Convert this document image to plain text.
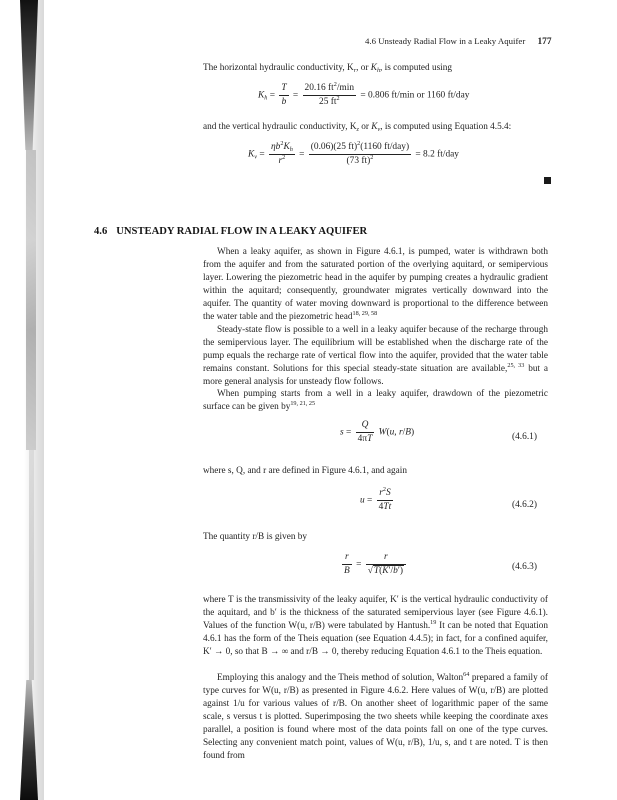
4.6 Unsteady Radial Flow in a Leaky Aquifer 177
The horizontal hydraulic conductivity, $K_r$, or $K_h$, is computed using
$K_h = \frac{T}{b} = \frac{20.16 ft^2/\min}{25 ft^2} = 0.806$ ft/min or 1160 ft/day
and the vertical hydraulic conductivity, $K_z$ or $K_v$, is computed using Equation 4.5.4:
$K_v = \frac{\eta b^2K_h}{r^2} = \frac{(0.06)(25 ft)^2(1160 ft/day)}{(73 ft)^2} = 8.2$ ft/day
4.6 UNSTEADY RADIAL FLOW IN A LEAKY AQUIFER

When a leaky aquifer, as shown in Figure 4.6.1, is pumped, water is withdrawn both from the aquifer and from the saturated portion of the overlying aquitard, or semipervious layer. Lowering the piezometric head in the aquifer by pumping creates a hydraulic gradient within the aquitard; consequently, groundwater migrates vertically downward into the aquifer. The quantity of water moving downward is proportional to the difference between the water table and the piezometric head$^{18, 29, 58}$

Steady-state flow is possible to a well in a leaky aquifer because of the recharge through the semipervious layer. The equilibrium will be established when the discharge rate of the pump equals the recharge rate of vertical flow into the aquifer, provided that the water table remains constant. Solutions for this special steady-state situation are available,$^{25, 33}$ but a more general analysis for unsteady flow follows.

When pumping starts from a well in a leaky aquifer, drawdown of the piezometric surface can be given by$^{19, 21, 25}$

$s = \frac{Q}{4\pi T} W(u$, r/B)	(4.6.1)
where s, Q, and r are defined in Figure 4.6.1, and again
$u = \frac{r^2S}{4Tt}$	(4.6.2)
The quantity r/B is given by
$\frac{r}{B} = \frac{r}{√T(K'/b')}$	(4.6.3)

where T is the transmissivity of the leaky aquifer, K′ is the vertical hydraulic conductivity of the aquitard, and b′ is the thickness of the saturated semipervious layer (see Figure 4.6.1). Values of the function W(u, r/B) were tabulated by Hantush.$^{19}$ It can be noted that Equation 4.6.1 has the form of the Theis equation (see Equation 4.4.5); in fact, for a confined aquifer, K′ → 0, so that B → ∞ and r/B → 0, thereby reducing Equation 4.6.1 to the Theis equation.

Employing this analogy and the Theis method of solution, Walton$^{64}$ prepared a family of type curves for W(u, r/B) as presented in Figure 4.6.2. Here values of W(u, r/B) are plotted against 1/u for various values of r/B. On another sheet of logarithmic paper of the same scale, s versus t is plotted. Superimposing the two sheets while keeping the coordinate axes parallel, a position is found where most of the data points fall on one of the type curves. Selecting any convenient match point, values of W(u, r/B), 1/u, s, and t are noted. T is then found from
